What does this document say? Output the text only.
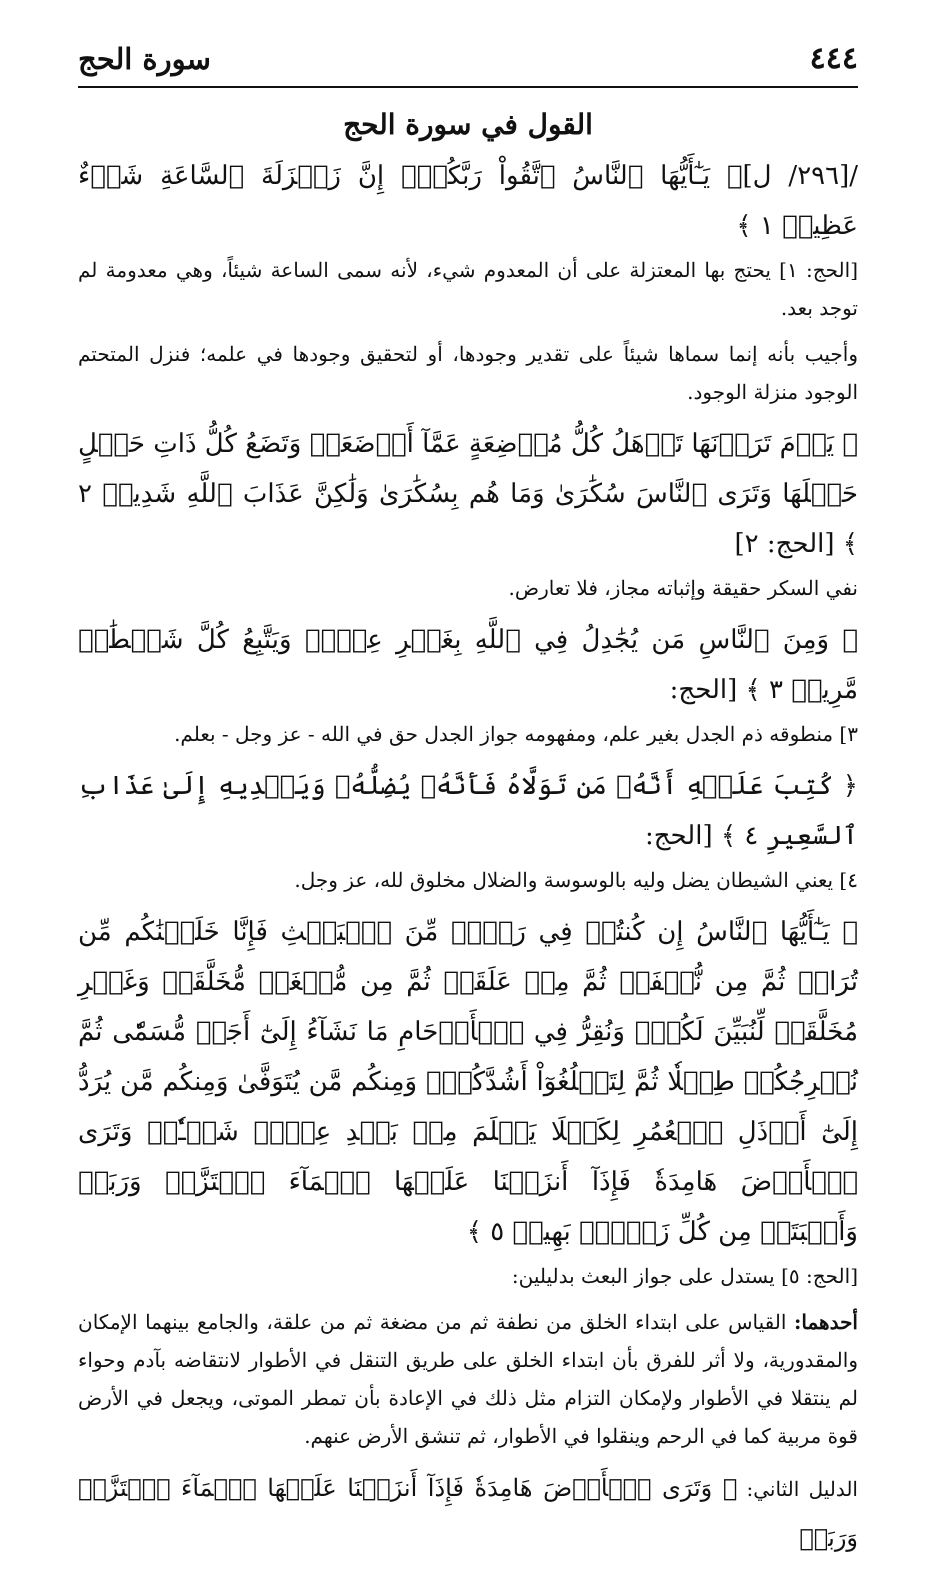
٤٤٤
سورة الحج
القول في سورة الحج

/[٢٩٦/ ل]﴿ يَـٰٓأَيُّهَا ٱلنَّاسُ ٱتَّقُواْ رَبَّكُمۡۚ إِنَّ زَلۡزَلَةَ ٱلسَّاعَةِ شَيۡءٌ عَظِيمٞ ١ ﴾

[الحج: ١] يحتج بها المعتزلة على أن المعدوم شيء، لأنه سمى الساعة شيئاً، وهي معدومة لم توجد بعد.

وأجيب بأنه إنما سماها شيئاً على تقدير وجودها، أو لتحقيق وجودها في علمه؛ فنزل المتحتم الوجود منزلة الوجود.

﴿ يَوۡمَ تَرَوۡنَهَا تَذۡهَلُ كُلُّ مُرۡضِعَةٍ عَمَّآ أَرۡضَعَتۡ وَتَضَعُ كُلُّ ذَاتِ حَمۡلٍ حَمۡلَهَا وَتَرَى ٱلنَّاسَ سُكَٰرَىٰ وَمَا هُم بِسُكَٰرَىٰ وَلَٰكِنَّ عَذَابَ ٱللَّهِ شَدِيدٞ ٢ ﴾ [الحج: ٢]

نفي السكر حقيقة وإثباته مجاز، فلا تعارض.

﴿ وَمِنَ ٱلنَّاسِ مَن يُجَٰدِلُ فِي ٱللَّهِ بِغَيۡرِ عِلۡمٖ وَيَتَّبِعُ كُلَّ شَيۡطَٰنٖ مَّرِيدٖ ٣ ﴾ [الحج:

٣] منطوقه ذم الجدل بغير علم، ومفهومه جواز الجدل حق في الله - عز وجل - بعلم.

﴿ كُتِبَ عَلَيۡهِ أَنَّهُۥ مَن تَوَلَّاهُ فَأَنَّهُۥ يُضِلُّهُۥ وَيَهۡدِيهِ إِلَىٰ عَذَابِ ٱلسَّعِيرِ ٤ ﴾ [الحج:

٤] يعني الشيطان يضل وليه بالوسوسة والضلال مخلوق لله، عز وجل.

﴿ يَـٰٓأَيُّهَا ٱلنَّاسُ إِن كُنتُمۡ فِي رَيۡبٖ مِّنَ ٱلۡبَعۡثِ فَإِنَّا خَلَقۡنَٰكُم مِّن تُرَابٖ ثُمَّ مِن نُّطۡفَةٖ ثُمَّ مِنۡ عَلَقَةٖ ثُمَّ مِن مُّضۡغَةٖ مُّخَلَّقَةٖ وَغَيۡرِ مُخَلَّقَةٖ لِّنُبَيِّنَ لَكُمۡۚ وَنُقِرُّ فِي ٱلۡأَرۡحَامِ مَا نَشَآءُ إِلَىٰٓ أَجَلٖ مُّسَمّٗى ثُمَّ نُخۡرِجُكُمۡ طِفۡلٗا ثُمَّ لِتَبۡلُغُوٓاْ أَشُدَّكُمۡۖ وَمِنكُم مَّن يُتَوَفَّىٰ وَمِنكُم مَّن يُرَدُّ إِلَىٰٓ أَرۡذَلِ ٱلۡعُمُرِ لِكَيۡلَا يَعۡلَمَ مِنۢ بَعۡدِ عِلۡمٖ شَيۡـٔٗاۚ وَتَرَى ٱلۡأَرۡضَ هَامِدَةٗ فَإِذَآ أَنزَلۡنَا عَلَيۡهَا ٱلۡمَآءَ ٱهۡتَزَّتۡ وَرَبَتۡ وَأَنۢبَتَتۡ مِن كُلِّ زَوۡجِۭ بَهِيجٖ ٥ ﴾

[الحج: ٥] يستدل على جواز البعث بدليلين:

أحدهما: القياس على ابتداء الخلق من نطفة ثم من مضغة ثم من علقة، والجامع بينهما الإمكان والمقدورية، ولا أثر للفرق بأن ابتداء الخلق على طريق التنقل في الأطوار لانتقاضه بآدم وحواء لم ينتقلا في الأطوار ولإمكان التزام مثل ذلك في الإعادة بأن تمطر الموتى، ويجعل في الأرض قوة مربية كما في الرحم وينقلوا في الأطوار، ثم تنشق الأرض عنهم.

الدليل الثاني: ﴿ وَتَرَى ٱلۡأَرۡضَ هَامِدَةٗ فَإِذَآ أَنزَلۡنَا عَلَيۡهَا ٱلۡمَآءَ ٱهۡتَزَّتۡ وَرَبَتۡ
